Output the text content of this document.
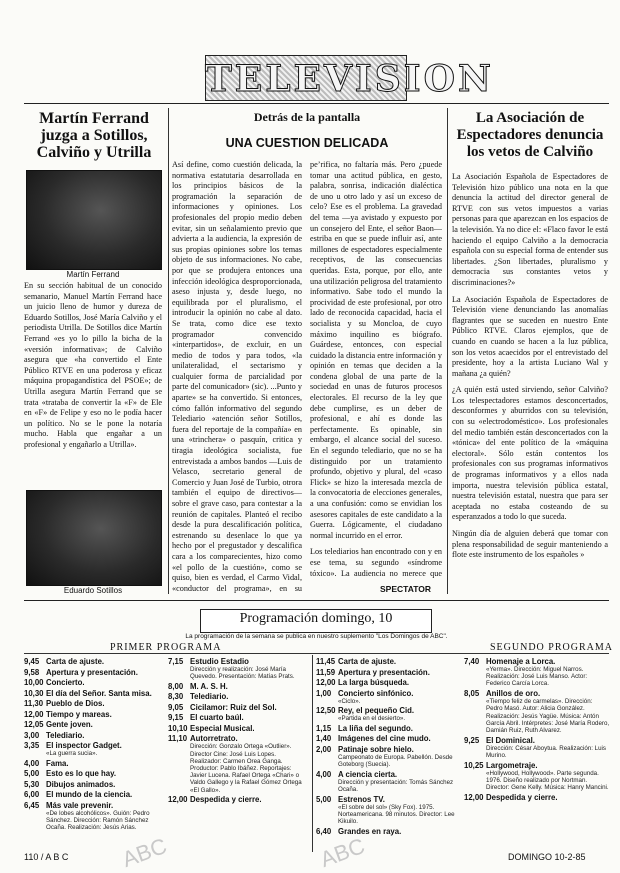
TELEVISION
Martín Ferrand juzga a Sotillos, Calviño y Utrilla
Martín Ferrand
En su sección habitual de un conocido semanario, Manuel Martín Ferrand hace un juicio lleno de humor y dureza de Eduardo Sotillos, José María Calviño y el periodista Utrilla. De Sotillos dice Martín Ferrand «es yo lo pillo la bicha de la «versión informativa»; de Calviño asegura que «ha convertido el Ente Público RTVE en una poderosa y eficaz máquina propagandística del PSOE»; de Utrilla asegura Martín Ferrand que se trata «trataba de convertir la «F» de Ele en «F» de Felipe y eso no le podía hacer un político. No se le pone la notaría mucho. Habla que engañar a un profesional y engañarlo a Utrilla».
Eduardo Sotillos
Detrás de la pantalla
UNA CUESTION DELICADA

Así define, como cuestión delicada, la normativa estatutaria desarrollada en los principios básicos de la programación la separación de informaciones y opiniones. Los profesionales del propio medio deben evitar, sin un señalamiento previo que advierta a la audiencia, la expresión de sus propias opiniones sobre los temas objeto de sus informaciones. No cabe, por que se produjera entonces una infección ideológica desproporcionada, aseso injusta y, desde luego, no equilibrada por el pluralismo, el introducir la opinión no cabe al dato. Se trata, como dice ese texto programador convencido «interpartidos», de excluir, en un medio de todos y para todos, «la unilateralidad, el sectarismo y cualquier forma de parcialidad por parte del comunicador» (sic). ...Punto y aparte» se ha convertido. Si entonces, cómo fallón informativo del segundo Telediario «atención señor Sotillos, fuera del reportaje de la compañía» en una «trinchera» o pasquín, critica y tiragia ideológica socialista, fue entrevistada a ambos bandos —Luis de Velasco, secretario general de Comercio y Juan José de Turbio, otrora también el equipo de directivos— sobre el grave caso, para contestar a la reunión de capitales. Planteó el recibo desde la pura descalificación política, estrenando su desenlace lo que ya hecho por el pregustador y descalifica cara a los comparecientes, hizo como «el pollo de la cuestión», como se quiso, bien es verdad, el Carmo Vidal, «conductor del programa», en su

pe’rifica, no faltaría más. Pero ¿puede tomar una actitud pública, en gesto, palabra, sonrisa, indicación dialéctica de uno u otro lado y así un exceso de celo? Ese es el problema. La gravedad del tema —ya avistado y expuesto por un consejero del Ente, el señor Baon— estriba en que se puede influir así, ante millones de espectadores especialmente receptivos, de las consecuencias queridas. Esta, porque, por ello, ante una utilización peligrosa del tratamiento informativo. Sabe todo el mundo la procividad de este profesional, por otro lado de reconocida capacidad, hacia el socialista y su Moncloa, de cuyo máximo inquilino es biógrafo. Guárdese, entonces, con especial cuidado la distancia entre información y opinión en temas que deciden a la condena global de una parte de la sociedad en unas de futuros procesos electorales. El recurso de la ley que debe cumplirse, es un deber de profesional, e ahí es donde las perfectamente. Es opinable, sin embargo, el alcance social del suceso. En el segundo telediario, que no se ha distinguido por un tratamiento profundo, objetivo y plural, del «caso Flick» se hizo la interesada mezcla de la convocatoria de elecciones generales, a una confusión: como se envidian los asesores capitales de este candidato a la Guerra. Lógicamente, el ciudadano normal incurrido en el error.

Los telediarios han encontrado con y en ese tema, su segundo «síndrome tóxico». La audiencia no merece que

SPECTATOR
La Asociación de Espectadores denuncia los vetos de Calviño

La Asociación Española de Espectadores de Televisión hizo público una nota en la que denuncia la actitud del director general de RTVE con sus vetos impuestos a varias personas para que aparezcan en los espacios de la televisión. Ya no dice el: «Flaco favor le está haciendo el equipo Calviño a la democracia española con su especial forma de entender sus libertades. ¿Son libertades, pluralismo y democracia sus constantes vetos y discriminaciones?»

La Asociación Española de Espectadores de Televisión viene denunciando las anomalías flagrantes que se suceden en nuestro Ente Público RTVE. Claros ejemplos, que de cuando en cuando se hacen a la luz pública, son los vetos acaecidos por el entrevistado del presidente, hoy a la artista Luciano Wal y mañana ¿a quién?

¿A quién está usted sirviendo, señor Calviño? Los telespectadores estamos desconcertados, desconformes y aburridos con su televisión, con su «electrodoméstico». Los profesionales del medio también están desconcertados con la «tónica» del ente político de la «máquina electoral». Sólo están contentos los profesionales con sus programas informativos de programas informativos y a ellos nada importa, nuestra televisión pública estatal, nuestra televisión estatal, nuestra que para ser aceptada no estaba costeando de su esperanzados a todo lo que suceda.

Ningún día de alguien deberá que tomar con plena responsabilidad de seguir manteniendo a flote este instrumento de los españoles »

Programación domingo, 10
La programación de la semana se publica en nuestro suplemento "Los Domingos de ABC".
PRIMER PROGRAMA	SEGUNDO PROGRAMA
9,45 Carta de ajuste.
9,58 Apertura y presentación.
10,00 Concierto.
10,30 El día del Señor. Santa misa.
11,30 Pueblo de Dios.
12,00 Tiempo y mareas.
12,05 Gente joven.
3,00 Telediario.
3,35 El inspector Gadget.
«La guerra sucia».
4,00 Fama.
5,00 Esto es lo que hay.
5,30 Dibujos animados.
6,00 El mundo de la ciencia.
6,45 Más vale prevenir.
«De lobes alcohólicos». Guión: Pedro Sánchez. Dirección: Ramón Sánchez Ocaña. Realización: Jesús Arias.
7,15 Estudio Estadio
Dirección y realización: José María Quevedo. Presentación: Matías Prats.
8,00 M. A. S. H.
8,30 Telediario.
9,05 Cicilamor: Ruiz del Sol.
9,15 El cuarto baúl.
10,10 Especial Musical.
11,10 Autorretrato.
Dirección: Gonzalo Ortega «Outlier». Director Cine: José Luis Lopes. Realizador: Carmen Orea Ganga. Productor: Pablo Ibáñez. Reportajes: Javier Lucena. Rafael Ortega «Chari» o Valdo Gallego y la Rafael Gómez Ortega «El Gallo».
12,00 Despedida y cierre.
11,45 Carta de ajuste.
11,59 Apertura y presentación.
12,00 La larga búsqueda.
1,00 Concierto sinfónico.
«Ciclo».
12,50 Rey, el pequeño Cid.
«Partida en el desierto».
1,15 La liña del segundo.
1,40 Imágenes del cine mudo.
2,00 Patinaje sobre hielo.
Campeonato de Europa. Pabellón. Desde Goteborg (Suecia).
4,00 A ciencia cierta.
Dirección y presentación: Tomás Sánchez Ocaña.
5,00 Estrenos TV.
«El sobre del sol» (Sky Fox). 1975. Norteamericana. 98 minutos. Director: Lee Kikuilo.
6,40 Grandes en raya.
7,40 Homenaje a Lorca.
«Yerma». Dirección: Miguel Narros. Realización: José Luis Manso. Actor: Federico Carcía Lorca.
8,05 Anillos de oro.
«Tiempo feliz de carmelas». Dirección: Pedro Masó. Autor: Alicia González. Realización: Jesús Yagüe. Música: Antón García Abril. Intérpretes: José María Rodero, Damián Ruiz, Ruth Alvarez.
9,25 El Dominical.
Dirección: César Aboytua. Realización: Luis Murino.
10,25 Largometraje.
«Hollywood, Hollywood». Parte segunda. 1976. Diseño realizado por Nortman. Director: Gene Kelly. Música: Hanry Mancini.
12,00 Despedida y cierre.
110 / A B C	DOMINGO 10-2-85
ABC	ABC
